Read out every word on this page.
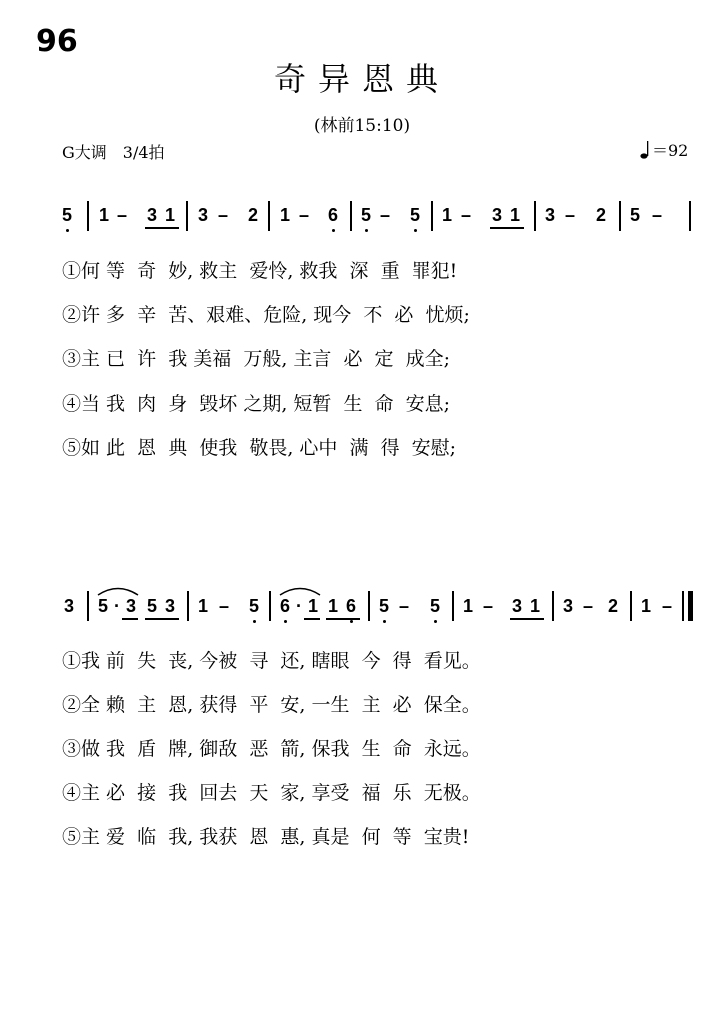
96
奇异恩典
(林前15:10)
G大调　3/4拍	＝92
5 1 – 3 1 3 – 2 1 – 6 5 – 5 1 – 3 1 3 – 2 5 –
①何 等  奇  妙, 救主  爱怜, 救我  深  重  罪犯!
②许 多  辛  苦、艰难、危险, 现今  不  必  忧烦;
③主 已  许  我 美福  万般, 主言  必  定  成全;
④当 我  肉  身  毁坏 之期, 短暂  生  命  安息;
⑤如 此  恩  典  使我  敬畏, 心中  满  得  安慰;
3 5 · 3 5 3 1 – 5 6 · 1 1 6 5 – 5 1 – 3 1 3 – 2 1 –
①我 前  失  丧, 今被  寻  还, 瞎眼  今  得  看见。
②全 赖  主  恩, 获得  平  安, 一生  主  必  保全。
③做 我  盾  牌, 御敌  恶  箭, 保我  生  命  永远。
④主 必  接  我  回去  天  家, 享受  福  乐  无极。
⑤主 爱  临  我, 我获  恩  惠, 真是  何  等  宝贵!
